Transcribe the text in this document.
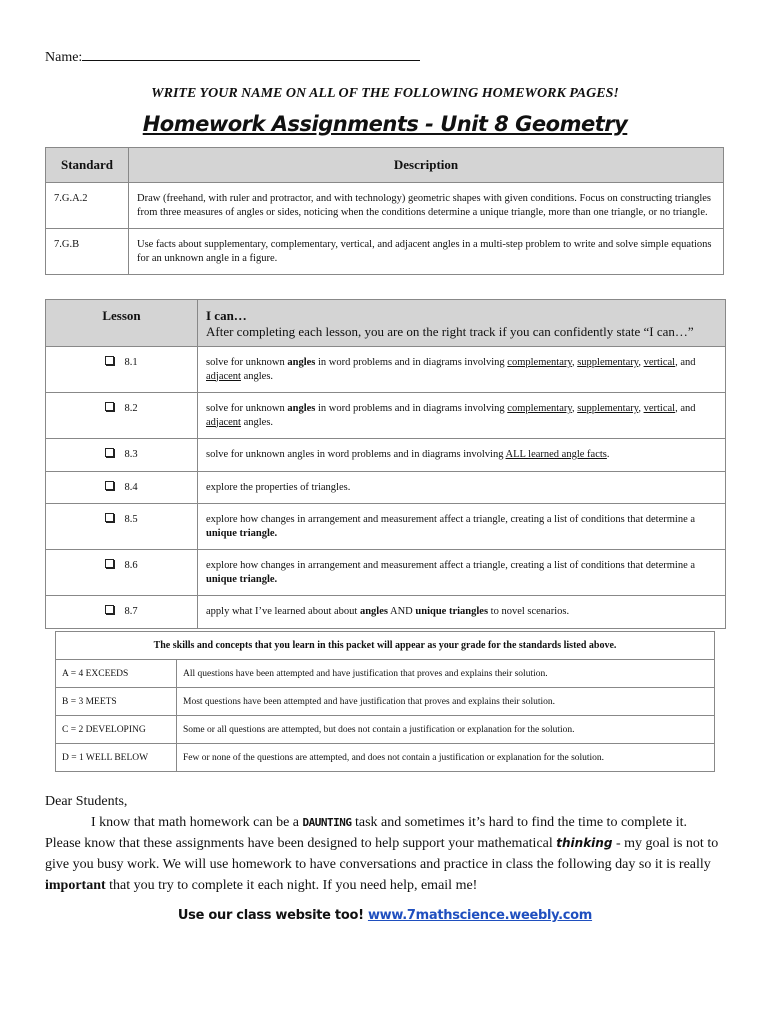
Name:
WRITE YOUR NAME ON ALL OF THE FOLLOWING HOMEWORK PAGES!
Homework Assignments - Unit 8 Geometry
Standard	Description
7.G.A.2	Draw (freehand, with ruler and protractor, and with technology) geometric shapes with given conditions. Focus on constructing triangles from three measures of angles or sides, noticing when the conditions determine a unique triangle, more than one triangle, or no triangle.
7.G.B	Use facts about supplementary, complementary, vertical, and adjacent angles in a multi-step problem to write and solve simple equations for an unknown angle in a figure.
Lesson	I can…
After completing each lesson, you are on the right track if you can confidently state “I can…”

8.1	solve for unknown angles in word problems and in diagrams involving complementary, supplementary, vertical, and adjacent angles.
8.2	solve for unknown angles in word problems and in diagrams involving complementary, supplementary, vertical, and adjacent angles.
8.3	solve for unknown angles in word problems and in diagrams involving ALL learned angle facts.
8.4	explore the properties of triangles.
8.5	explore how changes in arrangement and measurement affect a triangle, creating a list of conditions that determine a unique triangle.
8.6	explore how changes in arrangement and measurement affect a triangle, creating a list of conditions that determine a unique triangle.
8.7	apply what I’ve learned about about angles AND unique triangles to novel scenarios.
The skills and concepts that you learn in this packet will appear as your grade for the standards listed above.	
A = 4 EXCEEDS	All questions have been attempted and have justification that proves and explains their solution.
B = 3 MEETS	Most questions have been attempted and have justification that proves and explains their solution.
C = 2 DEVELOPING	Some or all questions are attempted, but does not contain a justification or explanation for the solution.
D = 1 WELL BELOW	Few or none of the questions are attempted, and does not contain a justification or explanation for the solution.

Dear Students,

I know that math homework can be a DAUNTING task and sometimes it’s hard to find the time to complete it. Please know that these assignments have been designed to help support your mathematical thinking - my goal is not to give you busy work. We will use homework to have conversations and practice in class the following day so it is really important that you try to complete it each night. If you need help, email me!

Use our class website too! www.7mathscience.weebly.com
